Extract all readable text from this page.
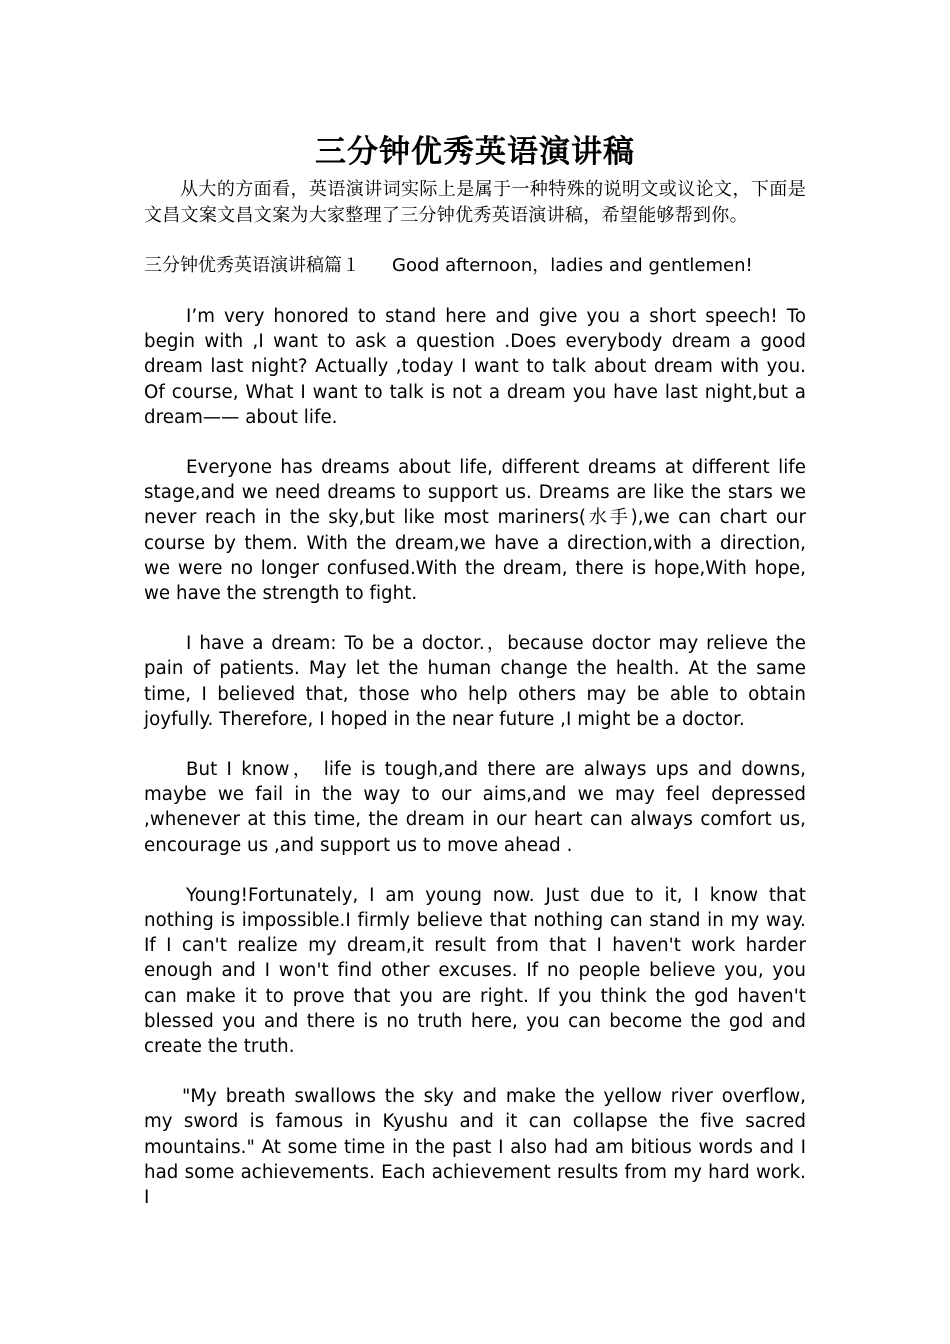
三分钟优秀英语演讲稿

从大的方面看，英语演讲词实际上是属于一种特殊的说明文或议论文，下面是文昌文案文昌文案为大家整理了三分钟优秀英语演讲稿，希望能够帮到你。

三分钟优秀英语演讲稿篇１ Good afternoon，ladies and gentlemen!

I’m very honored to stand here and give you a short speech! To begin with ,I want to ask a question .Does everybody dream a good dream last night? Actually ,today I want to talk about dream with you. Of course, What I want to talk is not a dream you have last night,but a dream—— about life.

Everyone has dreams about life, different dreams at different life stage,and we need dreams to support us. Dreams are like the stars we never reach in the sky,but like most mariners(水手),we can chart our course by them. With the dream,we have a direction,with a direction, we were no longer confused.With the dream, there is hope,With hope, we have the strength to fight.

I have a dream: To be a doctor.，because doctor may relieve the pain of patients. May let the human change the health. At the same time, I believed that, those who help others may be able to obtain joyfully. Therefore, I hoped in the near future ,I might be a doctor.

But I know， life is tough,and there are always ups and downs, maybe we fail in the way to our aims,and we may feel depressed ,whenever at this time, the dream in our heart can always comfort us, encourage us ,and support us to move ahead .

Young!Fortunately, I am young now. Just due to it, I know that nothing is impossible.I firmly believe that nothing can stand in my way. If I can't realize my dream,it result from that I haven't work harder enough and I won't find other excuses. If no people believe you, you can make it to prove that you are right. If you think the god haven't blessed you and there is no truth here, you can become the god and create the truth.

"My breath swallows the sky and make the yellow river overflow, my sword is famous in Kyushu and it can collapse the five sacred mountains." At some time in the past I also had am bitious words and I had some achievements. Each achievement results from my hard work. I
